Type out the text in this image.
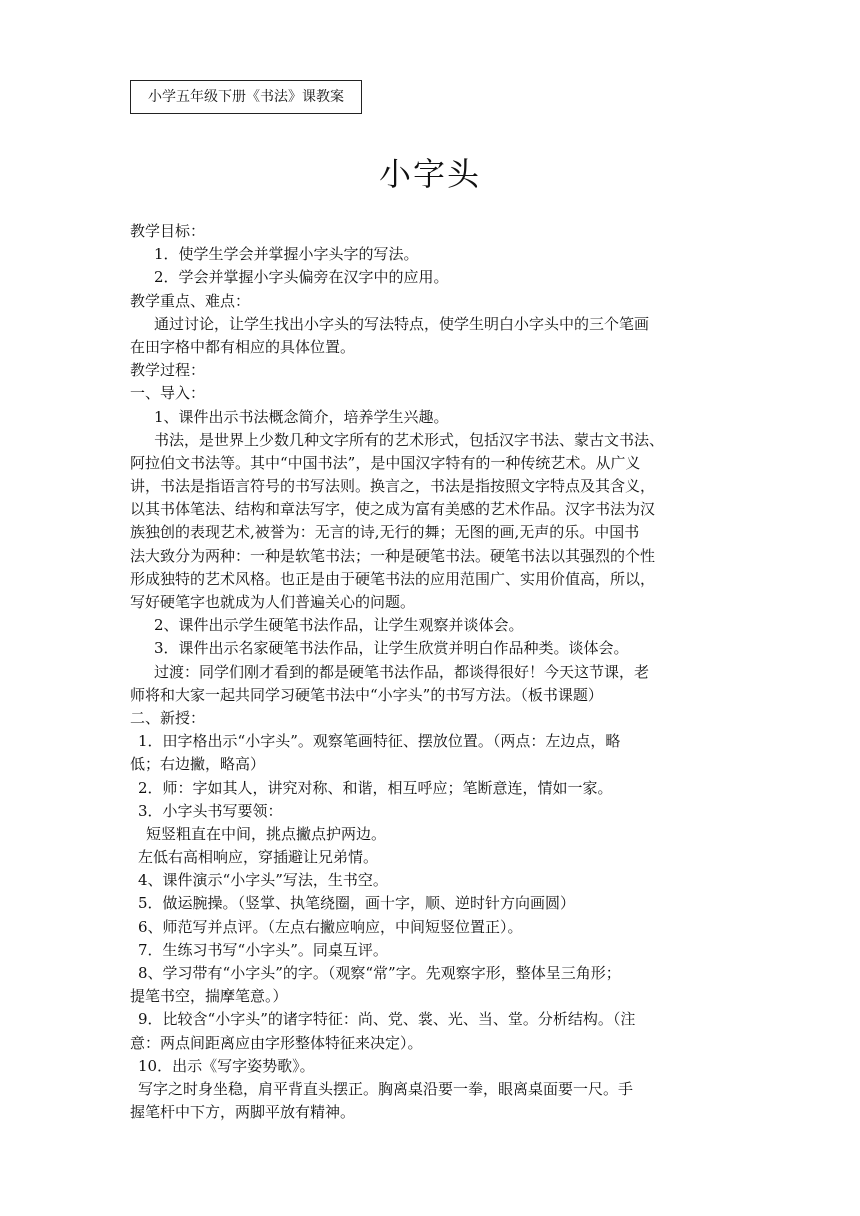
小学五年级下册《书法》课教案
小字头
教学目标：
1．使学生学会并掌握小字头字的写法。
2．学会并掌握小字头偏旁在汉字中的应用。
教学重点、难点：
通过讨论，让学生找出小字头的写法特点，使学生明白小字头中的三个笔画
在田字格中都有相应的具体位置。
教学过程：
一、导入：
1、课件出示书法概念简介，培养学生兴趣。
书法，是世界上少数几种文字所有的艺术形式，包括汉字书法、蒙古文书法、
阿拉伯文书法等。其中“中国书法”，是中国汉字特有的一种传统艺术。从广义
讲，书法是指语言符号的书写法则。换言之，书法是指按照文字特点及其含义，
以其书体笔法、结构和章法写字，使之成为富有美感的艺术作品。汉字书法为汉
族独创的表现艺术,被誉为：无言的诗,无行的舞；无图的画,无声的乐。中国书
法大致分为两种：一种是软笔书法；一种是硬笔书法。硬笔书法以其强烈的个性
形成独特的艺术风格。也正是由于硬笔书法的应用范围广、实用价值高，所以，
写好硬笔字也就成为人们普遍关心的问题。
2、课件出示学生硬笔书法作品，让学生观察并谈体会。
3．课件出示名家硬笔书法作品，让学生欣赏并明白作品种类。谈体会。
过渡：同学们刚才看到的都是硬笔书法作品，都谈得很好！今天这节课，老
师将和大家一起共同学习硬笔书法中“小字头”的书写方法。（板书课题）
二、新授：
1．田字格出示“小字头”。观察笔画特征、摆放位置。（两点：左边点，略
低；右边撇，略高）
2．师：字如其人，讲究对称、和谐，相互呼应；笔断意连，情如一家。
3．小字头书写要领：
短竖粗直在中间，挑点撇点护两边。
左低右高相响应，穿插避让兄弟情。
4、课件演示“小字头”写法，生书空。
5．做运腕操。（竖掌、执笔绕圈，画十字，顺、逆时针方向画圆）
6、师范写并点评。（左点右撇应响应，中间短竖位置正）。
7．生练习书写“小字头”。同桌互评。
8、学习带有“小字头”的字。（观察“常”字。先观察字形，整体呈三角形；
提笔书空，揣摩笔意。）
9．比较含“小字头”的诸字特征：尚、党、裳、光、当、堂。分析结构。（注
意：两点间距离应由字形整体特征来决定）。
10．出示《写字姿势歌》。
写字之时身坐稳，肩平背直头摆正。胸离桌沿要一拳，眼离桌面要一尺。手
握笔杆中下方，两脚平放有精神。
